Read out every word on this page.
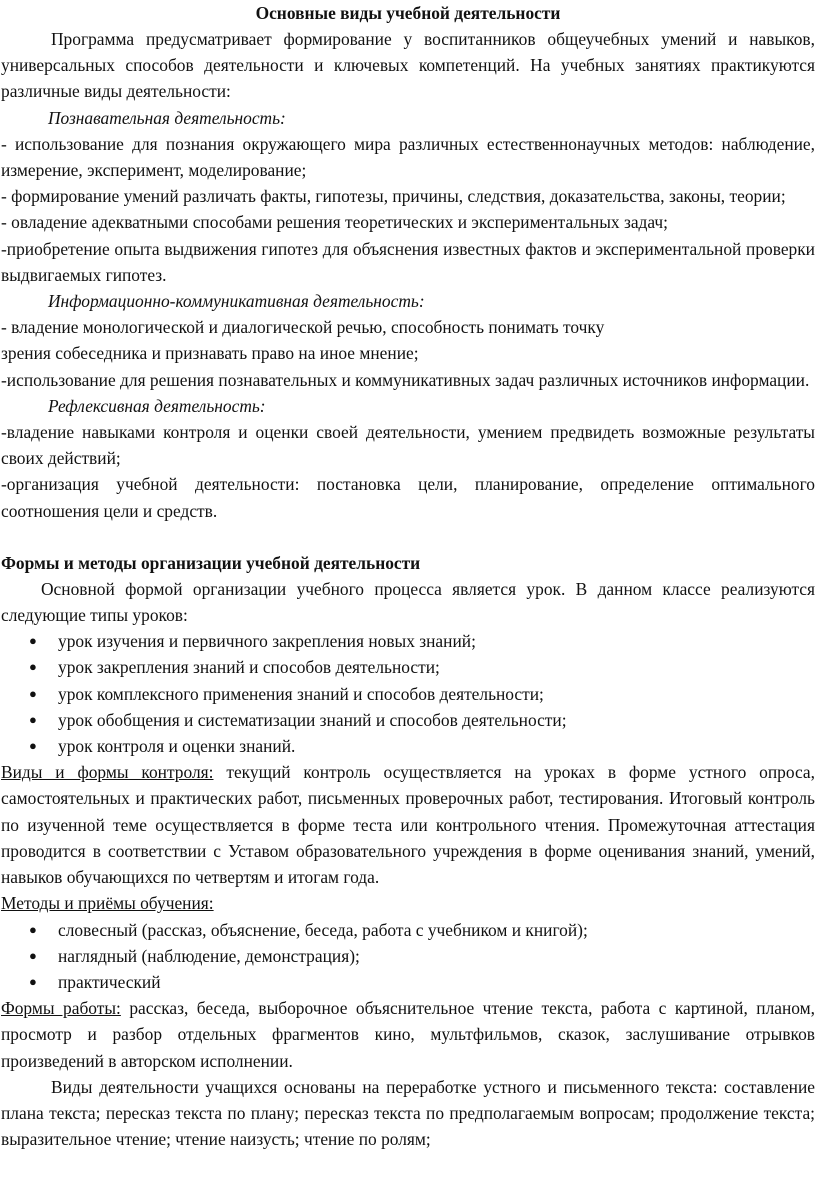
Основные виды учебной деятельности

Программа предусматривает формирование у воспитанников общеучебных умений и навыков, универсальных способов деятельности и ключевых компетенций. На учебных занятиях практикуются различные виды деятельности:

Познавательная деятельность:

- использование для познания окружающего мира различных естественнонаучных методов: наблюдение, измерение, эксперимент, моделирование;

- формирование умений различать факты, гипотезы, причины, следствия, доказательства, законы, теории;

- овладение адекватными способами решения теоретических и экспериментальных задач;

-приобретение опыта выдвижения гипотез для объяснения известных фактов и экспериментальной проверки выдвигаемых гипотез.

Информационно-коммуникативная деятельность:

- владение монологической и диалогической речью, способность понимать точку

зрения собеседника и признавать право на иное мнение;

-использование для решения познавательных и коммуникативных задач различных источников информации.

Рефлексивная деятельность:

-владение навыками контроля и оценки своей деятельности, умением предвидеть возможные результаты своих действий;

-организация учебной деятельности: постановка цели, планирование, определение оптимального соотношения цели и средств.

Формы и методы организации учебной деятельности

Основной формой организации учебного процесса является урок. В данном классе реализуются следующие типы уроков:

● урок изучения и первичного закрепления новых знаний;
● урок закрепления знаний и способов деятельности;
● урок комплексного применения знаний и способов деятельности;
● урок обобщения и систематизации знаний и способов деятельности;
● урок контроля и оценки знаний.

Виды и формы контроля: текущий контроль осуществляется на уроках в форме устного опроса, самостоятельных и практических работ, письменных проверочных работ, тестирования. Итоговый контроль по изученной теме осуществляется в форме теста или контрольного чтения. Промежуточная аттестация проводится в соответствии с Уставом образовательного учреждения в форме оценивания знаний, умений, навыков обучающихся по четвертям и итогам года.

Методы и приёмы обучения:

● словесный (рассказ, объяснение, беседа, работа с учебником и книгой);
● наглядный (наблюдение, демонстрация);
● практический

Формы работы: рассказ, беседа, выборочное объяснительное чтение текста, работа с картиной, планом, просмотр и разбор отдельных фрагментов кино, мультфильмов, сказок, заслушивание отрывков произведений в авторском исполнении.

Виды деятельности учащихся основаны на переработке устного и письменного текста: составление плана текста; пересказ текста по плану; пересказ текста по предполагаемым вопросам; продолжение текста; выразительное чтение; чтение наизусть; чтение по ролям;
